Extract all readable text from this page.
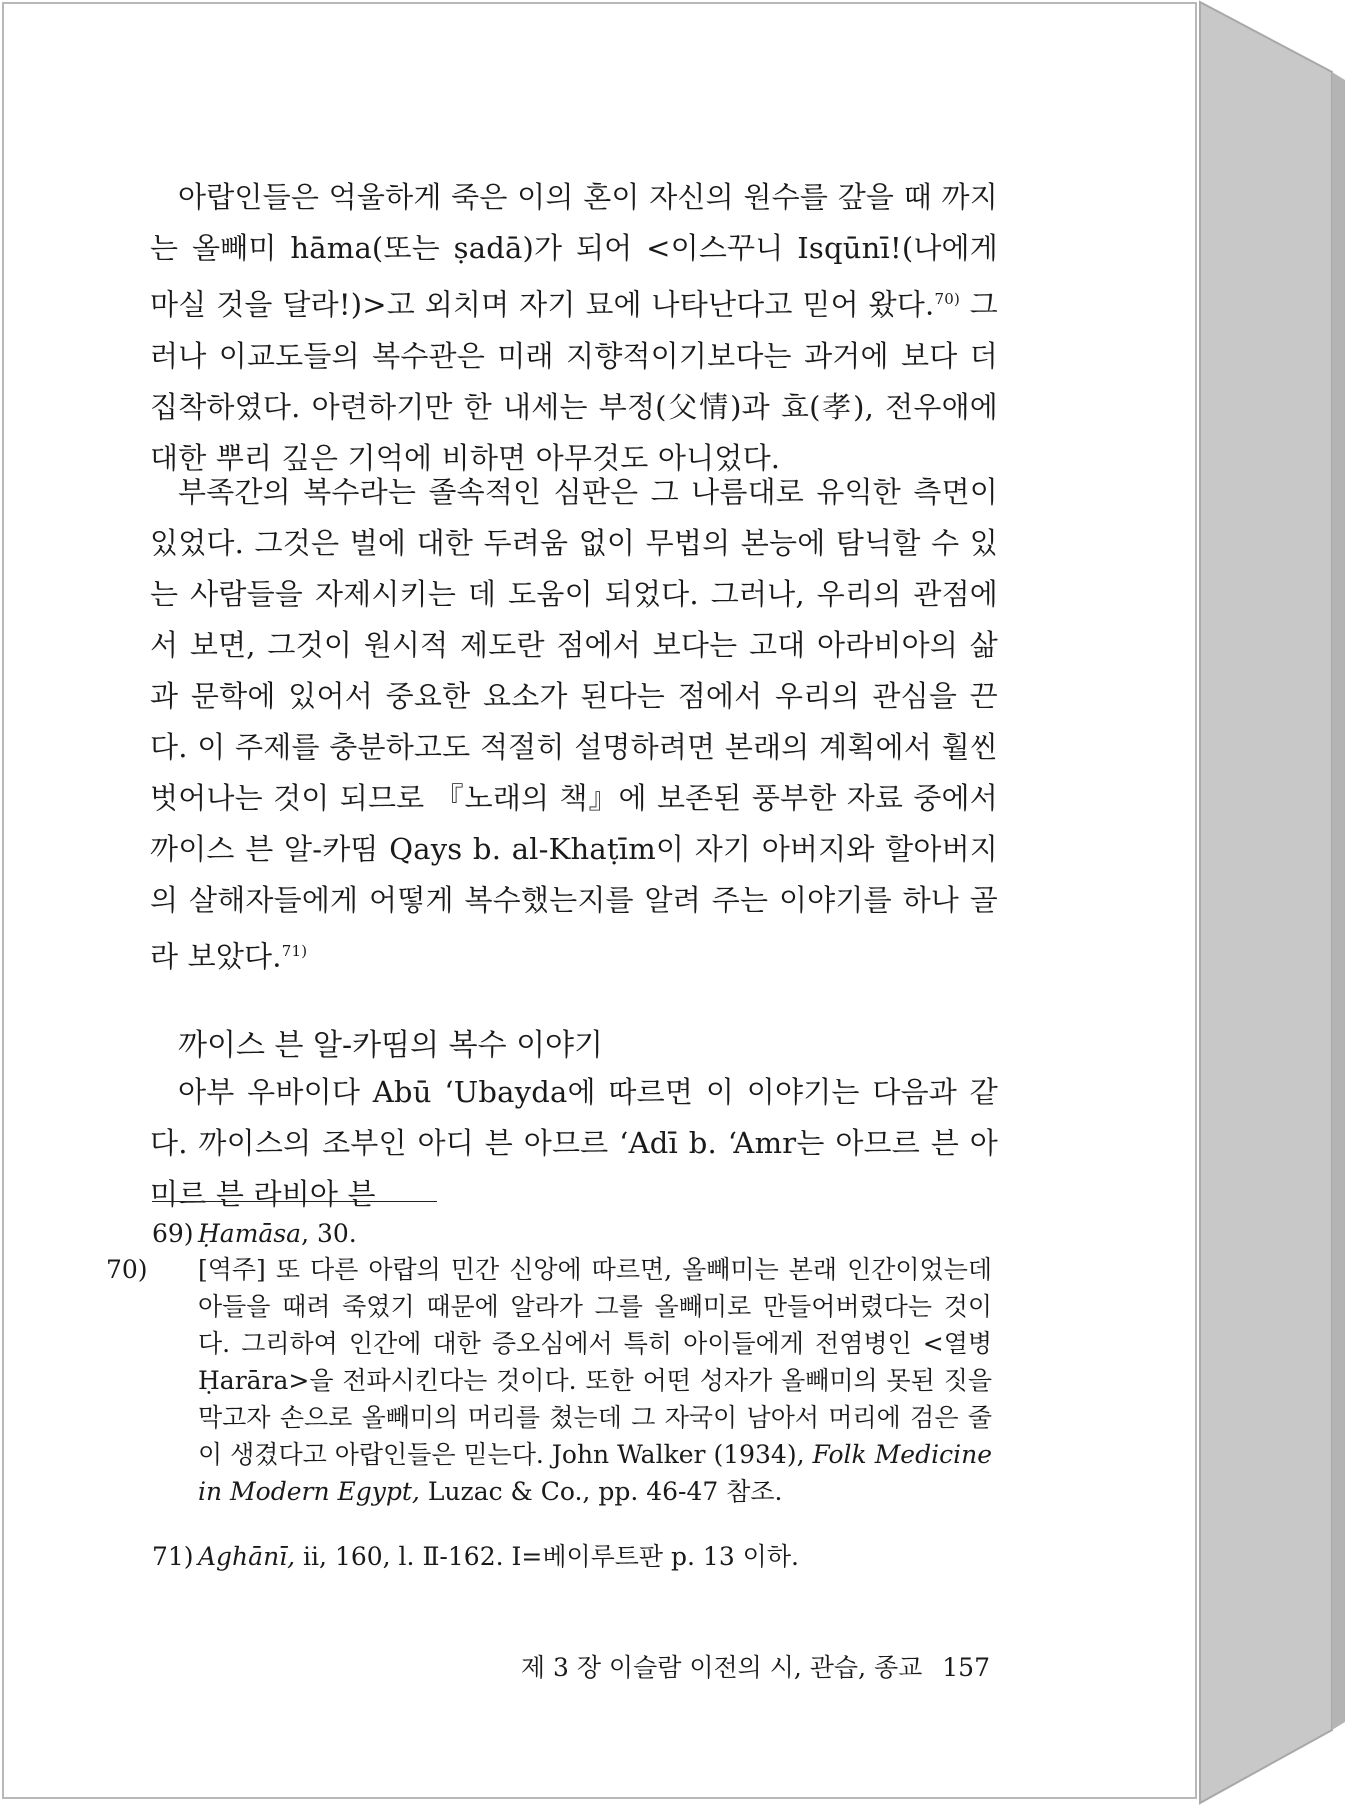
아랍인들은 억울하게 죽은 이의 혼이 자신의 원수를 갚을 때 까지는 올빼미 hāma(또는 ṣadā)가 되어 <이스꾸니 Isqūnī!(나에게 마실 것을 달라!)>고 외치며 자기 묘에 나타난다고 믿어 왔다.$^{70)}$ 그러나 이교도들의 복수관은 미래 지향적이기보다는 과거에 보다 더 집착하였다. 아련하기만 한 내세는 부정(父情)과 효(孝), 전우애에 대한 뿌리 깊은 기억에 비하면 아무것도 아니었다.

부족간의 복수라는 졸속적인 심판은 그 나름대로 유익한 측면이 있었다. 그것은 벌에 대한 두려움 없이 무법의 본능에 탐닉할 수 있는 사람들을 자제시키는 데 도움이 되었다. 그러나, 우리의 관점에서 보면, 그것이 원시적 제도란 점에서 보다는 고대 아라비아의 삶과 문학에 있어서 중요한 요소가 된다는 점에서 우리의 관심을 끈다. 이 주제를 충분하고도 적절히 설명하려면 본래의 계획에서 훨씬 벗어나는 것이 되므로 『노래의 책』에 보존된 풍부한 자료 중에서 까이스 븐 알-카띰 Qays b. al-Khaṭīm이 자기 아버지와 할아버지의 살해자들에게 어떻게 복수했는지를 알려 주는 이야기를 하나 골라 보았다.$^{71)}$

까이스 븐 알-카띰의 복수 이야기

아부 우바이다 Abū ‘Ubayda에 따르면 이 이야기는 다음과 같다. 까이스의 조부인 아디 븐 아므르 ‘Adī b. ‘Amr는 아므르 븐 아미르 븐 라비아 븐

69) Ḥamāsa, 30.

70) [역주] 또 다른 아랍의 민간 신앙에 따르면, 올빼미는 본래 인간이었는데 아들을 때려 죽였기 때문에 알라가 그를 올빼미로 만들어버렸다는 것이다. 그리하여 인간에 대한 증오심에서 특히 아이들에게 전염병인 <열병 Ḥarāra>을 전파시킨다는 것이다. 또한 어떤 성자가 올빼미의 못된 짓을 막고자 손으로 올빼미의 머리를 쳤는데 그 자국이 남아서 머리에 검은 줄이 생겼다고 아랍인들은 믿는다. John Walker (1934), Folk Medicine in Modern Egypt, Luzac & Co., pp. 46-47 참조.

71) Aghānī, ii, 160, l. Ⅱ-162. Ⅰ=베이루트판 p. 13 이하.

제 3 장 이슬람 이전의 시, 관습, 종교 157
